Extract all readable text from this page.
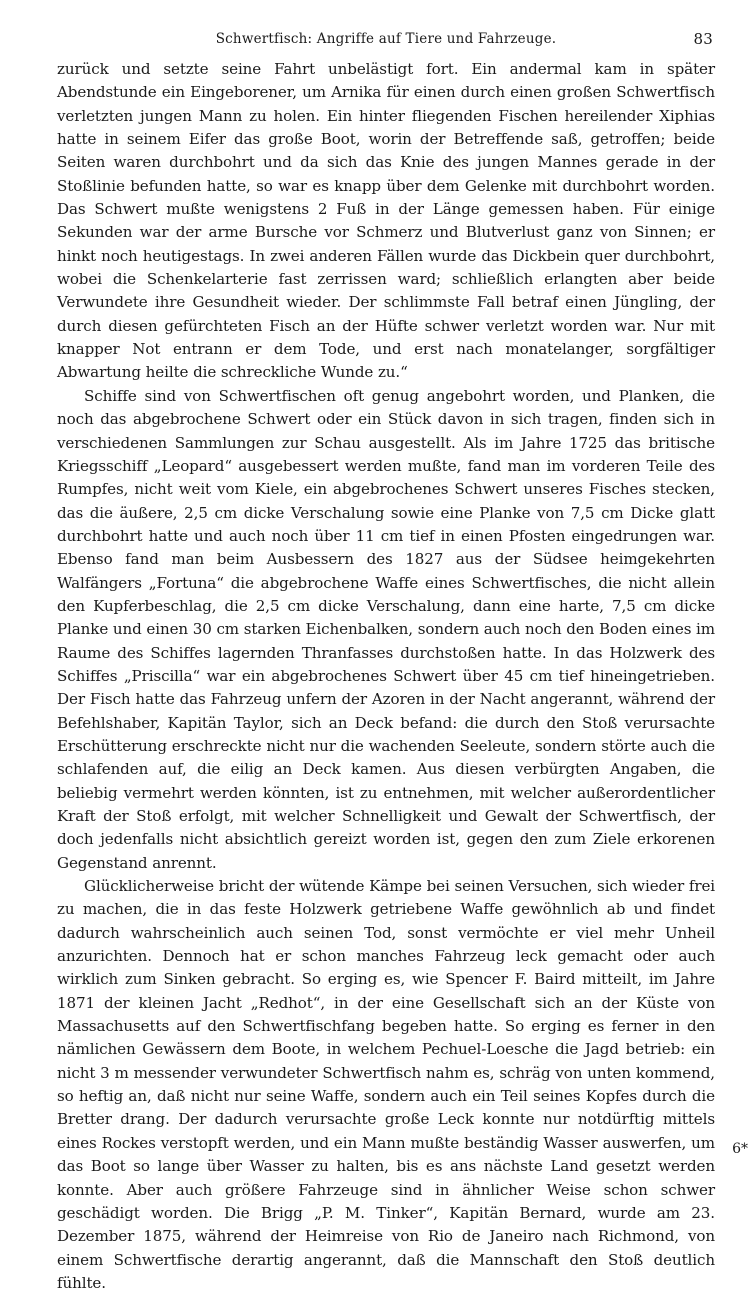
Schwertfisch: Angriffe auf Tiere und Fahrzeuge.	83

zurück und setzte seine Fahrt unbelästigt fort. Ein andermal kam in später Abendstunde ein Eingeborener, um Arnika für einen durch einen großen Schwertfisch verletzten jungen Mann zu holen. Ein hinter fliegenden Fischen hereilender Xiphias hatte in seinem Eifer das große Boot, worin der Betreffende saß, getroffen; beide Seiten waren durchbohrt und da sich das Knie des jungen Mannes gerade in der Stoßlinie befunden hatte, so war es knapp über dem Gelenke mit durchbohrt worden. Das Schwert mußte wenigstens 2 Fuß in der Länge gemessen haben. Für einige Sekunden war der arme Bursche vor Schmerz und Blutverlust ganz von Sinnen; er hinkt noch heutigestags. In zwei anderen Fällen wurde das Dickbein quer durchbohrt, wobei die Schenkelarterie fast zerrissen ward; schließlich erlangten aber beide Verwundete ihre Gesundheit wieder. Der schlimmste Fall betraf einen Jüngling, der durch diesen gefürchteten Fisch an der Hüfte schwer verletzt worden war. Nur mit knapper Not entrann er dem Tode, und erst nach monatelanger, sorgfältiger Abwartung heilte die schreckliche Wunde zu.“

Schiffe sind von Schwertfischen oft genug angebohrt worden, und Planken, die noch das abgebrochene Schwert oder ein Stück davon in sich tragen, finden sich in verschiedenen Sammlungen zur Schau ausgestellt. Als im Jahre 1725 das britische Kriegsschiff „Leopard“ ausgebessert werden mußte, fand man im vorderen Teile des Rumpfes, nicht weit vom Kiele, ein abgebrochenes Schwert unseres Fisches stecken, das die äußere, 2,5 cm dicke Verschalung sowie eine Planke von 7,5 cm Dicke glatt durchbohrt hatte und auch noch über 11 cm tief in einen Pfosten eingedrungen war. Ebenso fand man beim Ausbessern des 1827 aus der Südsee heimgekehrten Walfängers „Fortuna“ die abgebrochene Waffe eines Schwertfisches, die nicht allein den Kupferbeschlag, die 2,5 cm dicke Verschalung, dann eine harte, 7,5 cm dicke Planke und einen 30 cm starken Eichenbalken, sondern auch noch den Boden eines im Raume des Schiffes lagernden Thranfasses durchstoßen hatte. In das Holzwerk des Schiffes „Priscilla“ war ein abgebrochenes Schwert über 45 cm tief hineingetrieben. Der Fisch hatte das Fahrzeug unfern der Azoren in der Nacht angerannt, während der Befehlshaber, Kapitän Taylor, sich an Deck befand: die durch den Stoß verursachte Erschütterung erschreckte nicht nur die wachenden Seeleute, sondern störte auch die schlafenden auf, die eilig an Deck kamen. Aus diesen verbürgten Angaben, die beliebig vermehrt werden könnten, ist zu entnehmen, mit welcher außerordentlicher Kraft der Stoß erfolgt, mit welcher Schnelligkeit und Gewalt der Schwertfisch, der doch jedenfalls nicht absichtlich gereizt worden ist, gegen den zum Ziele erkorenen Gegenstand anrennt.

Glücklicherweise bricht der wütende Kämpe bei seinen Versuchen, sich wieder frei zu machen, die in das feste Holzwerk getriebene Waffe gewöhnlich ab und findet dadurch wahrscheinlich auch seinen Tod, sonst vermöchte er viel mehr Unheil anzurichten. Dennoch hat er schon manches Fahrzeug leck gemacht oder auch wirklich zum Sinken gebracht. So erging es, wie Spencer F. Baird mitteilt, im Jahre 1871 der kleinen Jacht „Redhot“, in der eine Gesellschaft sich an der Küste von Massachusetts auf den Schwertfischfang begeben hatte. So erging es ferner in den nämlichen Gewässern dem Boote, in welchem Pechuel-Loesche die Jagd betrieb: ein nicht 3 m messender verwundeter Schwertfisch nahm es, schräg von unten kommend, so heftig an, daß nicht nur seine Waffe, sondern auch ein Teil seines Kopfes durch die Bretter drang. Der dadurch verursachte große Leck konnte nur notdürftig mittels eines Rockes verstopft werden, und ein Mann mußte beständig Wasser auswerfen, um das Boot so lange über Wasser zu halten, bis es ans nächste Land gesetzt werden konnte. Aber auch größere Fahrzeuge sind in ähnlicher Weise schon schwer geschädigt worden. Die Brigg „P. M. Tinker“, Kapitän Bernard, wurde am 23. Dezember 1875, während der Heimreise von Rio de Janeiro nach Richmond, von einem Schwertfische derartig angerannt, daß die Mannschaft den Stoß deutlich fühlte.

6*
